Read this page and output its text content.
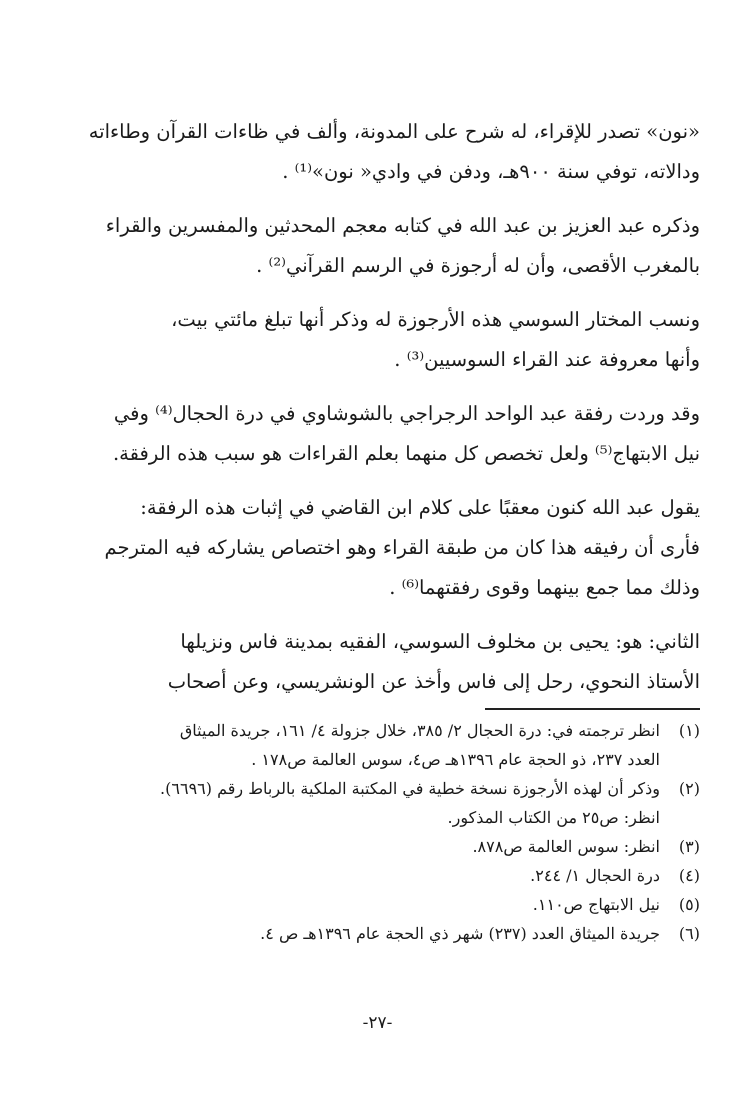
«نون» تصدر للإقراء، له شرح على المدونة، وألف في ظاءات القرآن وطاءاته
ودالاته، توفي سنة ٩٠٠هـ، ودفن في وادي« نون»⁽¹⁾ .

وذكره عبد العزيز بن عبد الله في كتابه معجم المحدثين والمفسرين والقراء
بالمغرب الأقصى، وأن له أرجوزة في الرسم القرآني⁽²⁾ .

ونسب المختار السوسي هذه الأرجوزة له وذكر أنها تبلغ مائتي بيت،
وأنها معروفة عند القراء السوسيين⁽³⁾ .

وقد وردت رفقة عبد الواحد الرجراجي بالشوشاوي في درة الحجال⁽⁴⁾ وفي
نيل الابتهاج⁽⁵⁾ ولعل تخصص كل منهما بعلم القراءات هو سبب هذه الرفقة.

يقول عبد الله كنون معقبًا على كلام ابن القاضي في إثبات هذه الرفقة:
فأرى أن رفيقه هذا كان من طبقة القراء وهو اختصاص يشاركه فيه المترجم
وذلك مما جمع بينهما وقوى رفقتهما⁽⁶⁾ .

الثاني: هو: يحيى بن مخلوف السوسي، الفقيه بمدينة فاس ونزيلها
الأستاذ النحوي، رحل إلى فاس وأخذ عن الونشريسي، وعن أصحاب

(١)انظر ترجمته في: درة الحجال ٢/ ٣٨٥، خلال جزولة ٤/ ١٦١، جريدة الميثاق
العدد ٢٣٧، ذو الحجة عام ١٣٩٦هـ ص٤، سوس العالمة ص١٧٨ .
(٢)وذكر أن لهذه الأرجوزة نسخة خطية في المكتبة الملكية بالرباط رقم (٦٦٩٦).
انظر: ص٢٥ من الكتاب المذكور.
(٣)انظر: سوس العالمة ص٨٧٨.
(٤)درة الحجال ١/ ٢٤٤.
(٥)نيل الابتهاج ص١١٠.
(٦)جريدة الميثاق العدد (٢٣٧) شهر ذي الحجة عام ١٣٩٦هـ ص ٤.
-٢٧-
